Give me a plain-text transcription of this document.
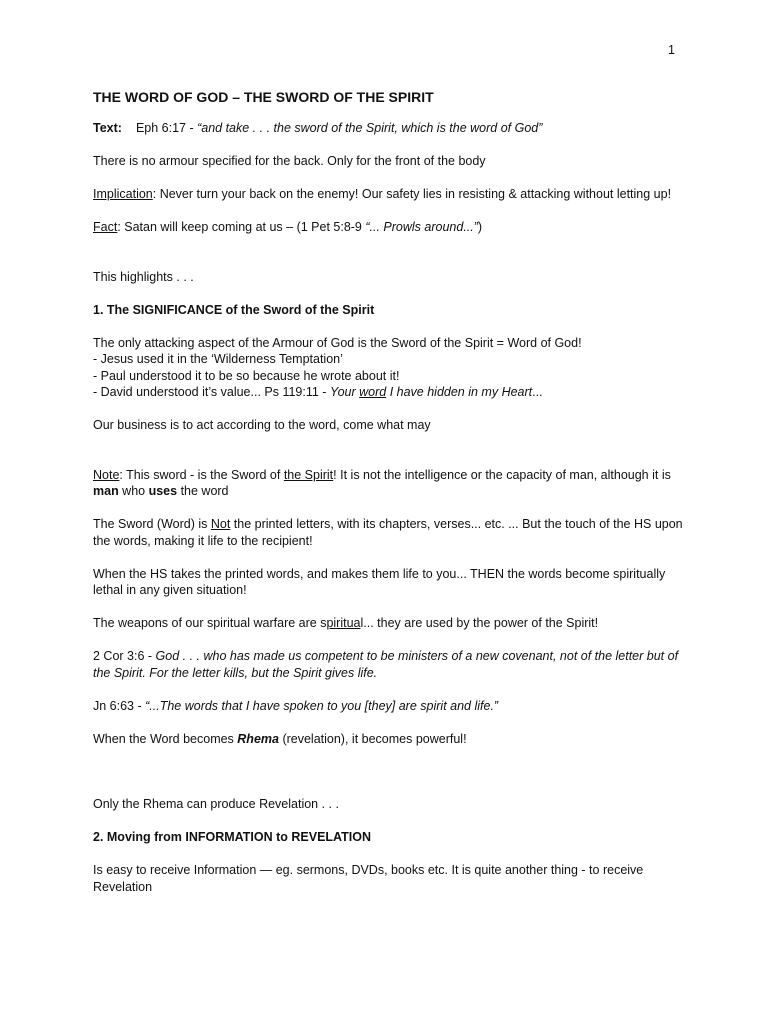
1
THE WORD OF GOD – THE SWORD OF THE SPIRIT

Text: Eph 6:17 - “and take . . . the sword of the Spirit, which is the word of God”

There is no armour specified for the back. Only for the front of the body

Implication: Never turn your back on the enemy! Our safety lies in resisting & attacking without letting up!

Fact: Satan will keep coming at us – (1 Pet 5:8-9 “... Prowls around...”)

This highlights . . .

1. The SIGNIFICANCE of the Sword of the Spirit

The only attacking aspect of the Armour of God is the Sword of the Spirit = Word of God!
- Jesus used it in the ‘Wilderness Temptation’
- Paul understood it to be so because he wrote about it!
- David understood it’s value... Ps 119:11 - Your word I have hidden in my Heart...

Our business is to act according to the word, come what may

Note: This sword - is the Sword of the Spirit! It is not the intelligence or the capacity of man, although it is man who uses the word

The Sword (Word) is Not the printed letters, with its chapters, verses... etc. ... But the touch of the HS upon the words, making it life to the recipient!

When the HS takes the printed words, and makes them life to you... THEN the words become spiritually lethal in any given situation!

The weapons of our spiritual warfare are spiritual... they are used by the power of the Spirit!

2 Cor 3:6 - God . . . who has made us competent to be ministers of a new covenant, not of the letter but of the Spirit. For the letter kills, but the Spirit gives life.

Jn 6:63 - “...The words that I have spoken to you [they] are spirit and life.”

When the Word becomes Rhema (revelation), it becomes powerful!

Only the Rhema can produce Revelation . . .

2. Moving from INFORMATION to REVELATION

Is easy to receive Information — eg. sermons, DVDs, books etc. It is quite another thing - to receive Revelation
